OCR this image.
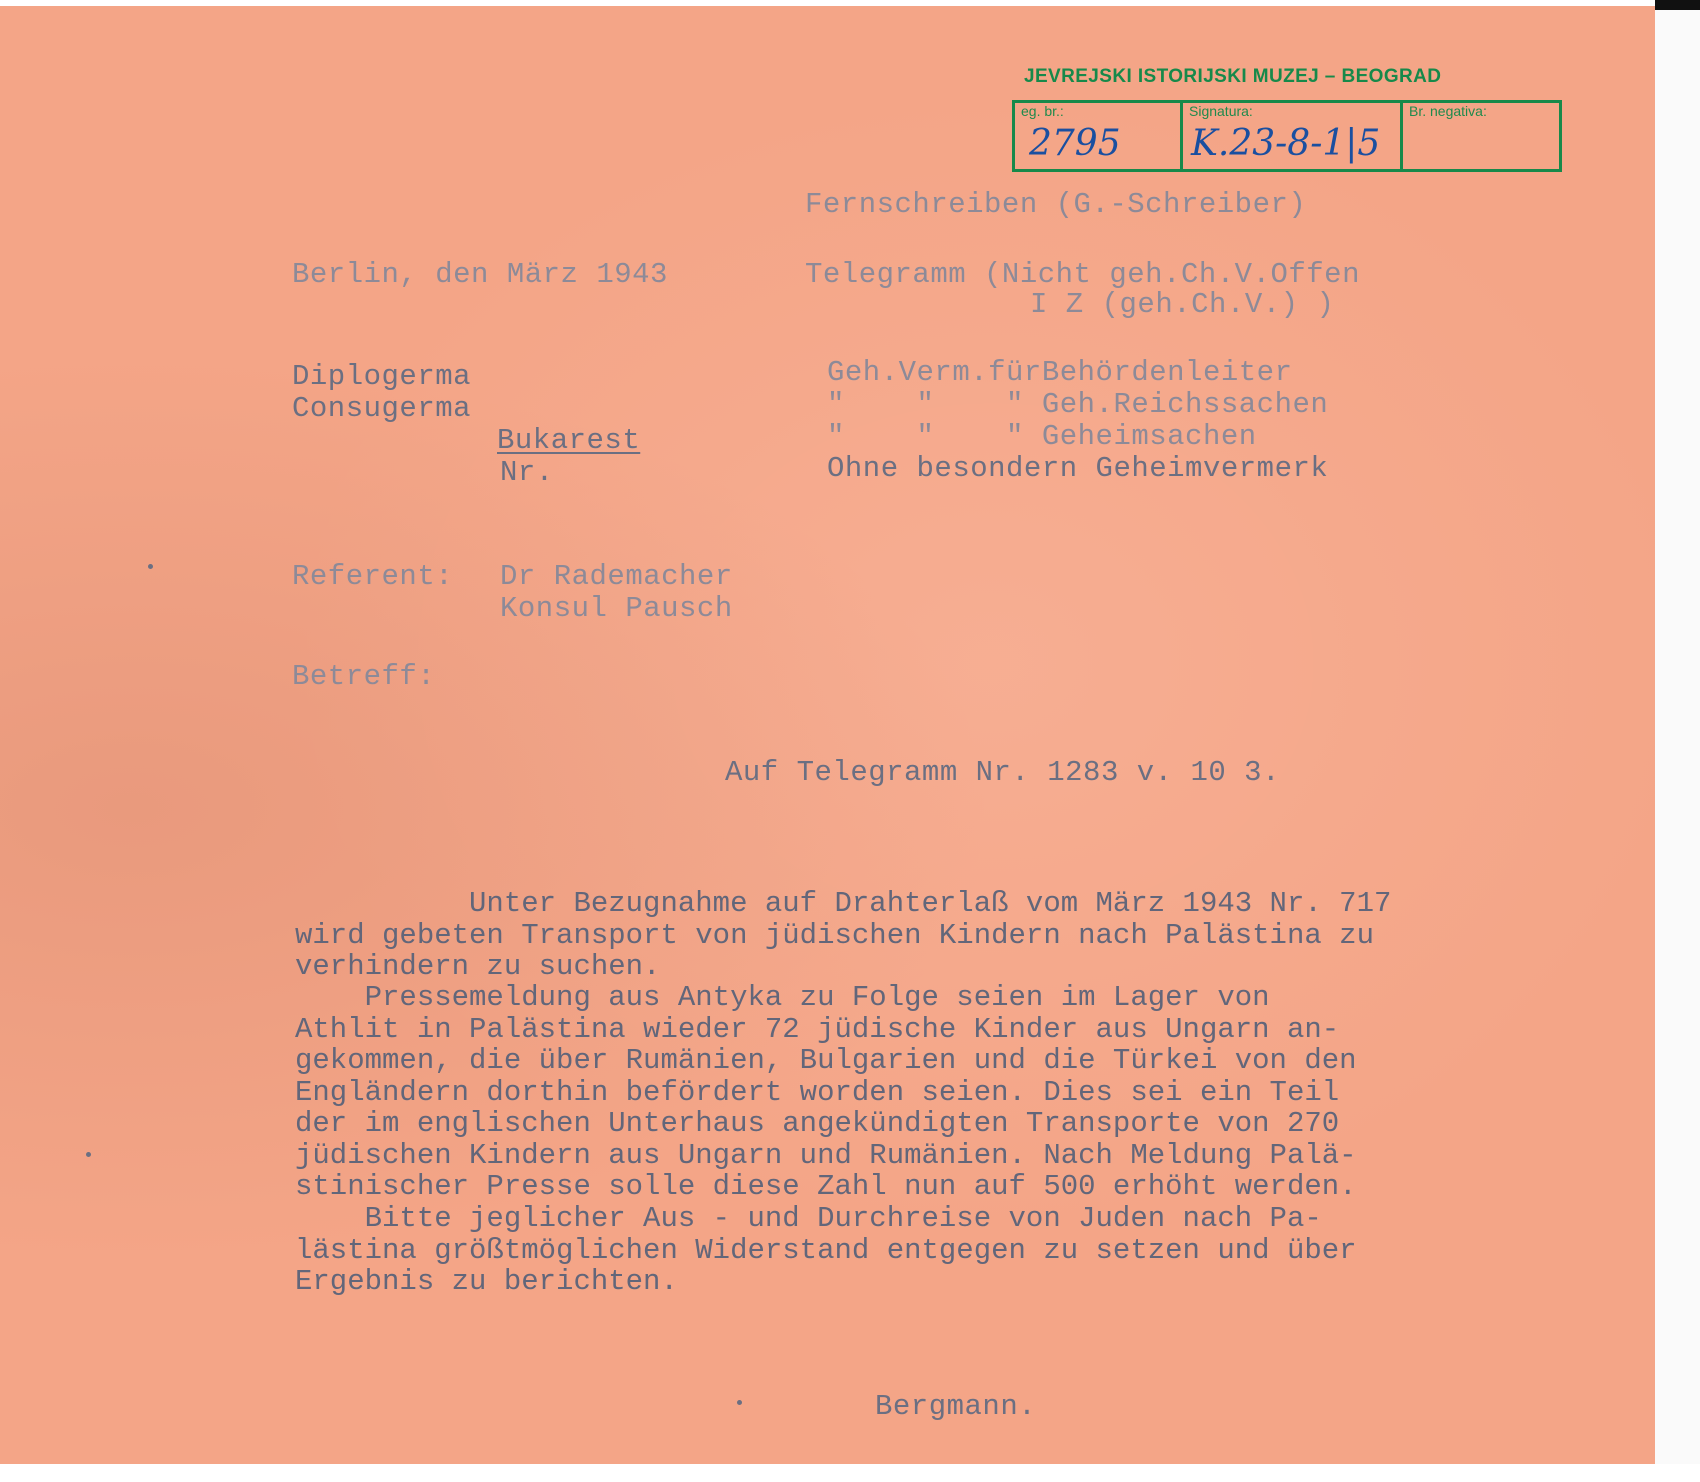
JEVREJSKI ISTORIJSKI MUZEJ – BEOGRAD
eg. br.:
2795
Signatura:
K.23-8-1|5
Br. negativa:
Fernschreiben (G.-Schreiber)
Berlin, den März 1943	Telegramm (Nicht geh.Ch.V.Offen
I Z (geh.Ch.V.) )
Diplogerma
Consugerma
Bukarest
Nr.
Geh.Verm.fürBehördenleiter
"    "    " Geh.Reichssachen
"    "    " Geheimsachen
Ohne besondern Geheimvermerk
Referent: Dr Rademacher
Konsul Pausch
Betreff:
Auf Telegramm Nr. 1283 v. 10 3.
Unter Bezugnahme auf Drahterlaß vom März 1943 Nr. 717
wird gebeten Transport von jüdischen Kindern nach Palästina zu
verhindern zu suchen.
Pressemeldung aus Antyka zu Folge seien im Lager von
Athlit in Palästina wieder 72 jüdische Kinder aus Ungarn an-
gekommen, die über Rumänien, Bulgarien und die Türkei von den
Engländern dorthin befördert worden seien. Dies sei ein Teil
der im englischen Unterhaus angekündigten Transporte von 270
jüdischen Kindern aus Ungarn und Rumänien. Nach Meldung Palä-
stinischer Presse solle diese Zahl nun auf 500 erhöht werden.
Bitte jeglicher Aus - und Durchreise von Juden nach Pa-
lästina größtmöglichen Widerstand entgegen zu setzen und über
Ergebnis zu berichten.
Bergmann.
